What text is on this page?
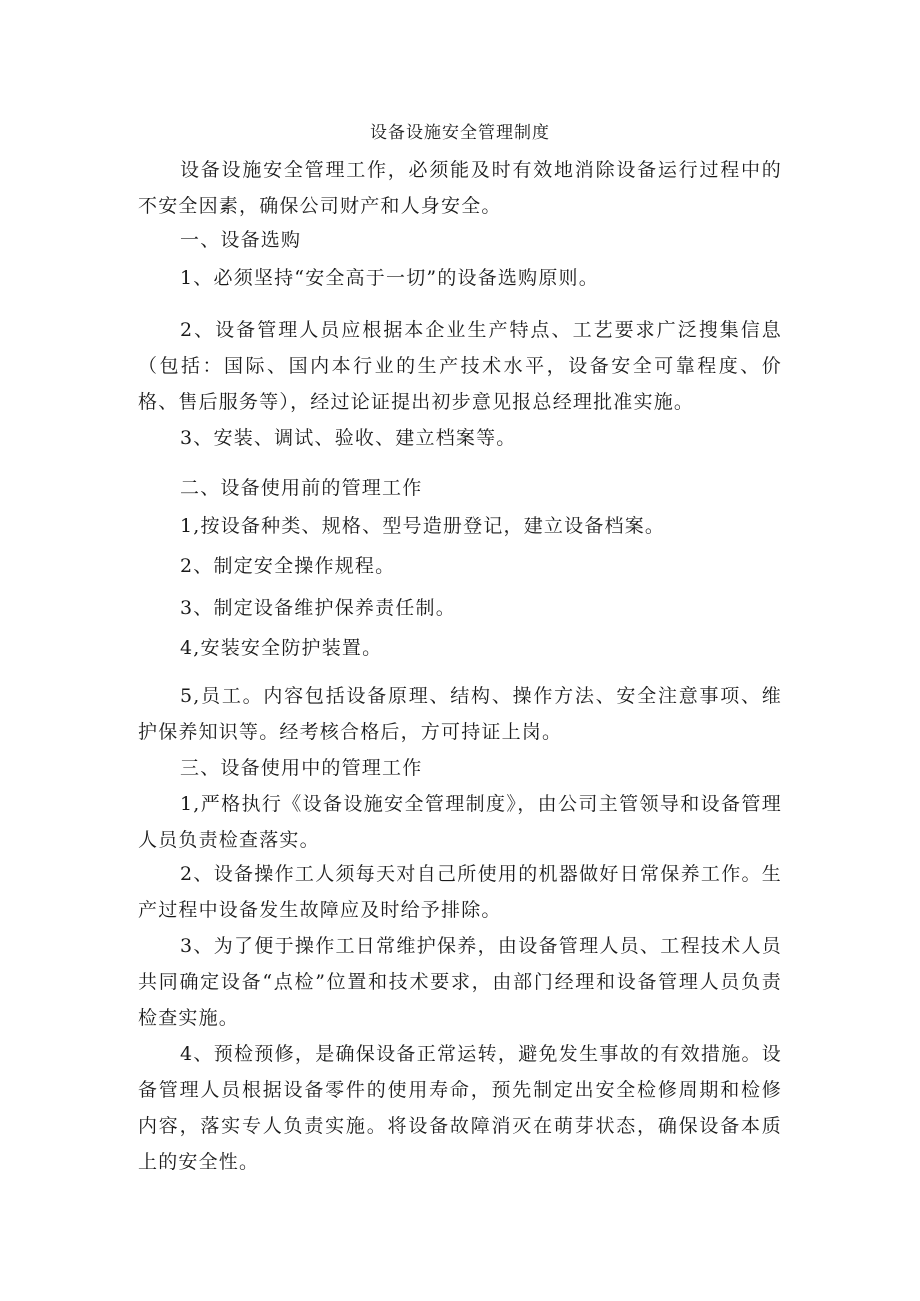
设备设施安全管理制度

设备设施安全管理工作，必须能及时有效地消除设备运行过程中的不安全因素，确保公司财产和人身安全。

一、设备选购

1、必须坚持“安全高于一切”的设备选购原则。

2、设备管理人员应根据本企业生产特点、工艺要求广泛搜集信息（包括：国际、国内本行业的生产技术水平，设备安全可靠程度、价格、售后服务等），经过论证提出初步意见报总经理批准实施。

3、安装、调试、验收、建立档案等。

二、设备使用前的管理工作

1,按设备种类、规格、型号造册登记，建立设备档案。

2、制定安全操作规程。

3、制定设备维护保养责任制。

4,安装安全防护装置。

5,员工。内容包括设备原理、结构、操作方法、安全注意事项、维护保养知识等。经考核合格后，方可持证上岗。

三、设备使用中的管理工作

1,严格执行《设备设施安全管理制度》，由公司主管领导和设备管理人员负责检查落实。

2、设备操作工人须每天对自己所使用的机器做好日常保养工作。生产过程中设备发生故障应及时给予排除。

3、为了便于操作工日常维护保养，由设备管理人员、工程技术人员共同确定设备“点检”位置和技术要求，由部门经理和设备管理人员负责检查实施。

4、预检预修，是确保设备正常运转，避免发生事故的有效措施。设备管理人员根据设备零件的使用寿命，预先制定出安全检修周期和检修内容，落实专人负责实施。将设备故障消灭在萌芽状态，确保设备本质上的安全性。
